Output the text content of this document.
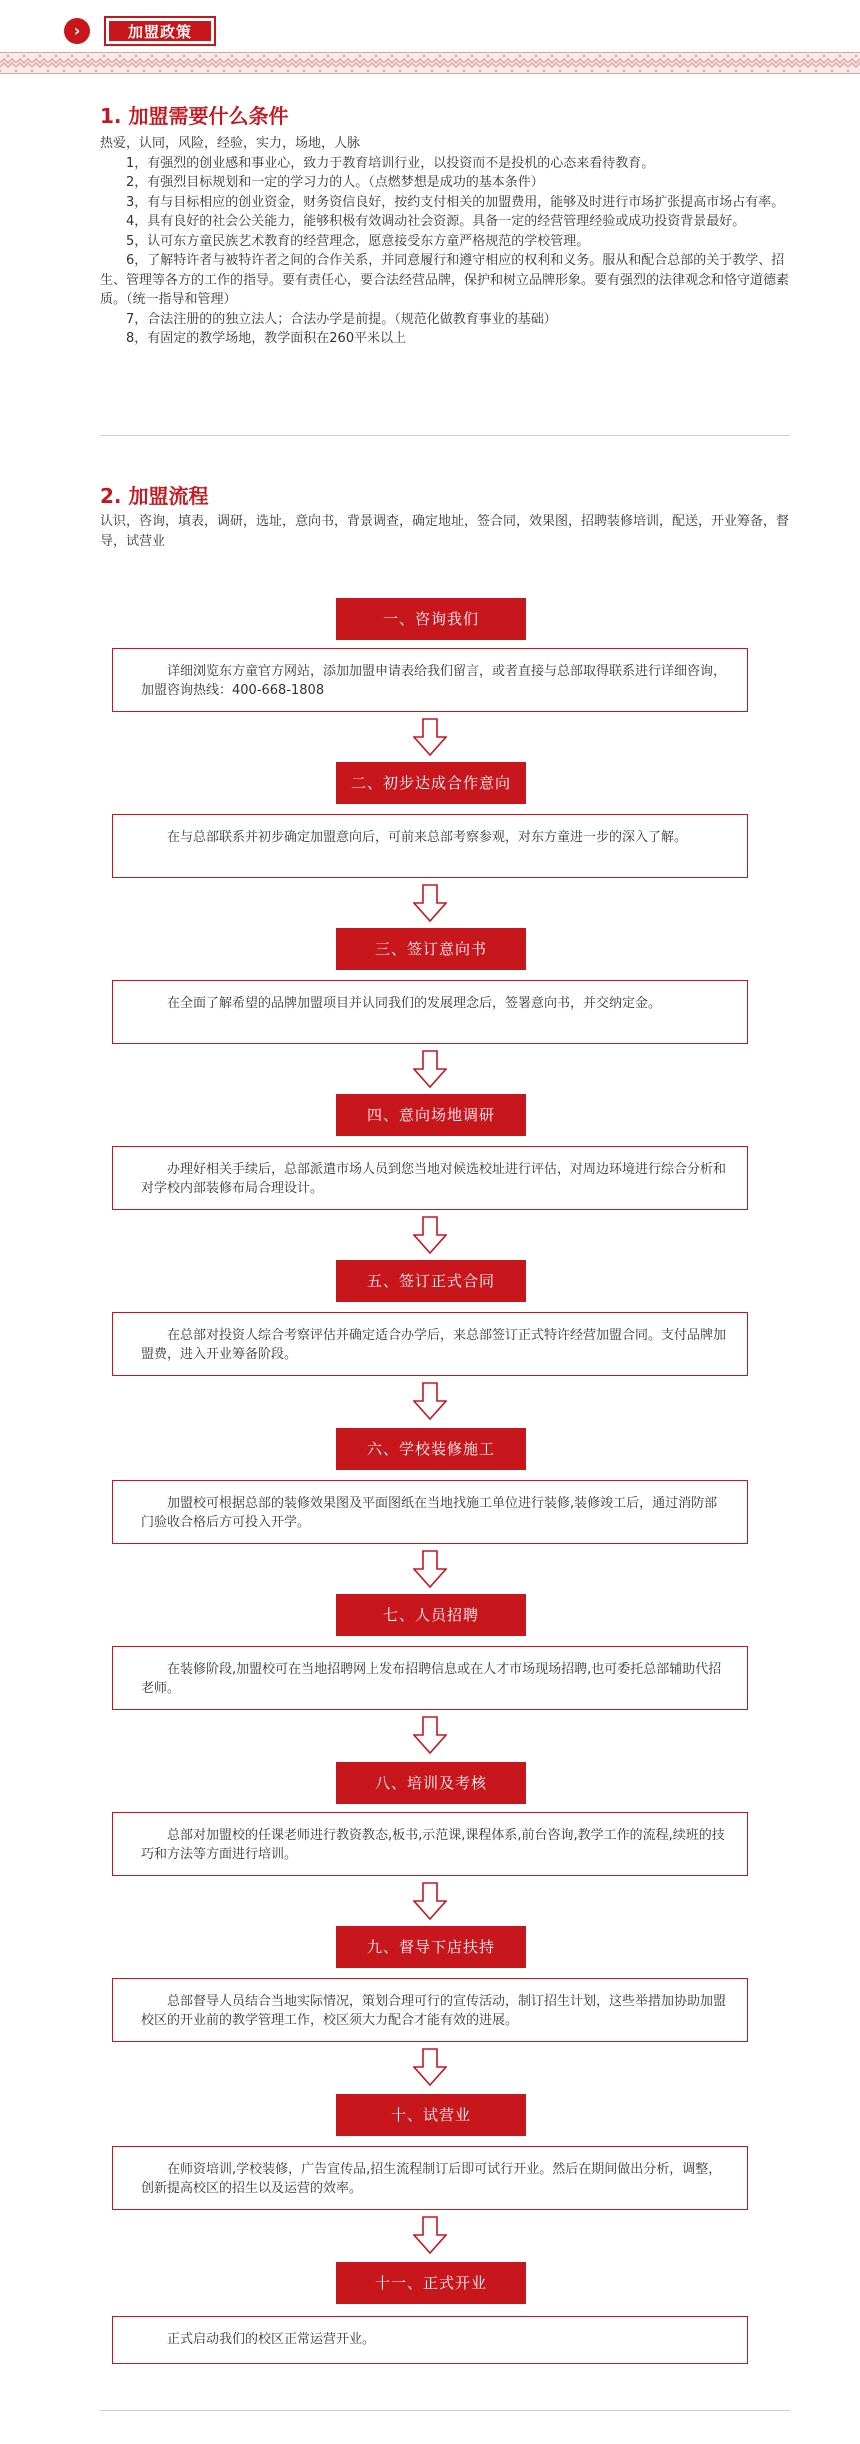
›	加盟政策
1. 加盟需要什么条件

热爱，认同，风险，经验，实力，场地，人脉

1，有强烈的创业感和事业心，致力于教育培训行业，以投资而不是投机的心态来看待教育。

2，有强烈目标规划和一定的学习力的人。（点燃梦想是成功的基本条件）

3，有与目标相应的创业资金，财务资信良好，按约支付相关的加盟费用，能够及时进行市场扩张提高市场占有率。

4，具有良好的社会公关能力，能够积极有效调动社会资源。具备一定的经营管理经验或成功投资背景最好。

5，认可东方童民族艺术教育的经营理念，愿意接受东方童严格规范的学校管理。

6，了解特许者与被特许者之间的合作关系，并同意履行和遵守相应的权利和义务。服从和配合总部的关于教学、招生、管理等各方的工作的指导。要有责任心，要合法经营品牌，保护和树立品牌形象。要有强烈的法律观念和恪守道德素质。（统一指导和管理）

7，合法注册的的独立法人；合法办学是前提。（规范化做教育事业的基础）

8，有固定的教学场地，教学面积在260平米以上

2. 加盟流程
认识，咨询，填表，调研，选址，意向书，背景调查，确定地址，签合同，效果图，招聘装修培训，配送，开业筹备，督导，试营业
一、咨询我们
详细浏览东方童官方网站，添加加盟申请表给我们留言，或者直接与总部取得联系进行详细咨询，加盟咨询热线：400-668-1808
二、初步达成合作意向
在与总部联系并初步确定加盟意向后，可前来总部考察参观，对东方童进一步的深入了解。
三、签订意向书
在全面了解希望的品牌加盟项目并认同我们的发展理念后，签署意向书，并交纳定金。
四、意向场地调研
办理好相关手续后，总部派遣市场人员到您当地对候选校址进行评估，对周边环境进行综合分析和对学校内部装修布局合理设计。
五、签订正式合同
在总部对投资人综合考察评估并确定适合办学后，来总部签订正式特许经营加盟合同。支付品牌加盟费，进入开业筹备阶段。
六、学校装修施工
加盟校可根据总部的装修效果图及平面图纸在当地找施工单位进行装修,装修竣工后，通过消防部门验收合格后方可投入开学。
七、人员招聘
在装修阶段,加盟校可在当地招聘网上发布招聘信息或在人才市场现场招聘,也可委托总部辅助代招老师。
八、培训及考核
总部对加盟校的任课老师进行教资教态,板书,示范课,课程体系,前台咨询,教学工作的流程,续班的技巧和方法等方面进行培训。
九、督导下店扶持
总部督导人员结合当地实际情况，策划合理可行的宣传活动，制订招生计划，这些举措加协助加盟校区的开业前的教学管理工作，校区须大力配合才能有效的进展。
十、试营业
在师资培训,学校装修，广告宣传品,招生流程制订后即可试行开业。然后在期间做出分析，调整，创新提高校区的招生以及运营的效率。
十一、正式开业
正式启动我们的校区正常运营开业。
